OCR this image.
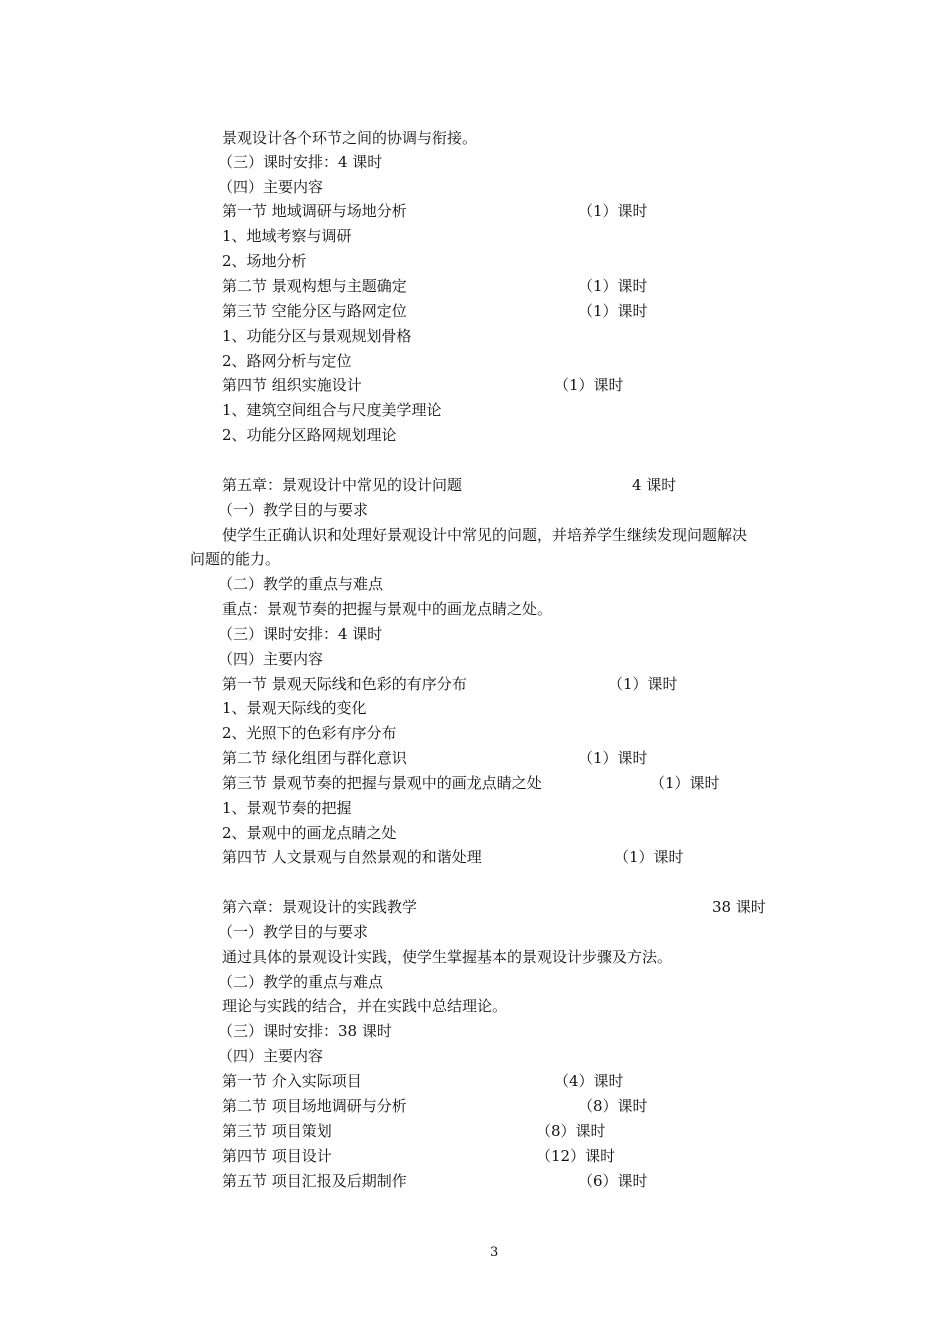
景观设计各个环节之间的协调与衔接。
（三）课时安排：4 课时
（四）主要内容
第一节 地域调研与场地分析	（1）课时
1、地域考察与调研
2、场地分析
第二节 景观构想与主题确定	（1）课时
第三节 空能分区与路网定位	（1）课时
1、功能分区与景观规划骨格
2、路网分析与定位
第四节 组织实施设计	（1）课时
1、建筑空间组合与尺度美学理论
2、功能分区路网规划理论
第五章：景观设计中常见的设计问题	4 课时
（一）教学目的与要求
使学生正确认识和处理好景观设计中常见的问题，并培养学生继续发现问题解决
问题的能力。
（二）教学的重点与难点
重点：景观节奏的把握与景观中的画龙点睛之处。
（三）课时安排：4 课时
（四）主要内容
第一节 景观天际线和色彩的有序分布	（1）课时
1、景观天际线的变化
2、光照下的色彩有序分布
第二节 绿化组团与群化意识	（1）课时
第三节 景观节奏的把握与景观中的画龙点睛之处	（1）课时
1、景观节奏的把握
2、景观中的画龙点睛之处
第四节 人文景观与自然景观的和谐处理	（1）课时
第六章：景观设计的实践教学	38 课时
（一）教学目的与要求
通过具体的景观设计实践，使学生掌握基本的景观设计步骤及方法。
（二）教学的重点与难点
理论与实践的结合，并在实践中总结理论。
（三）课时安排：38 课时
（四）主要内容
第一节 介入实际项目	（4）课时
第二节 项目场地调研与分析	（8）课时
第三节 项目策划	（8）课时
第四节 项目设计	（12）课时
第五节 项目汇报及后期制作	（6）课时
3
